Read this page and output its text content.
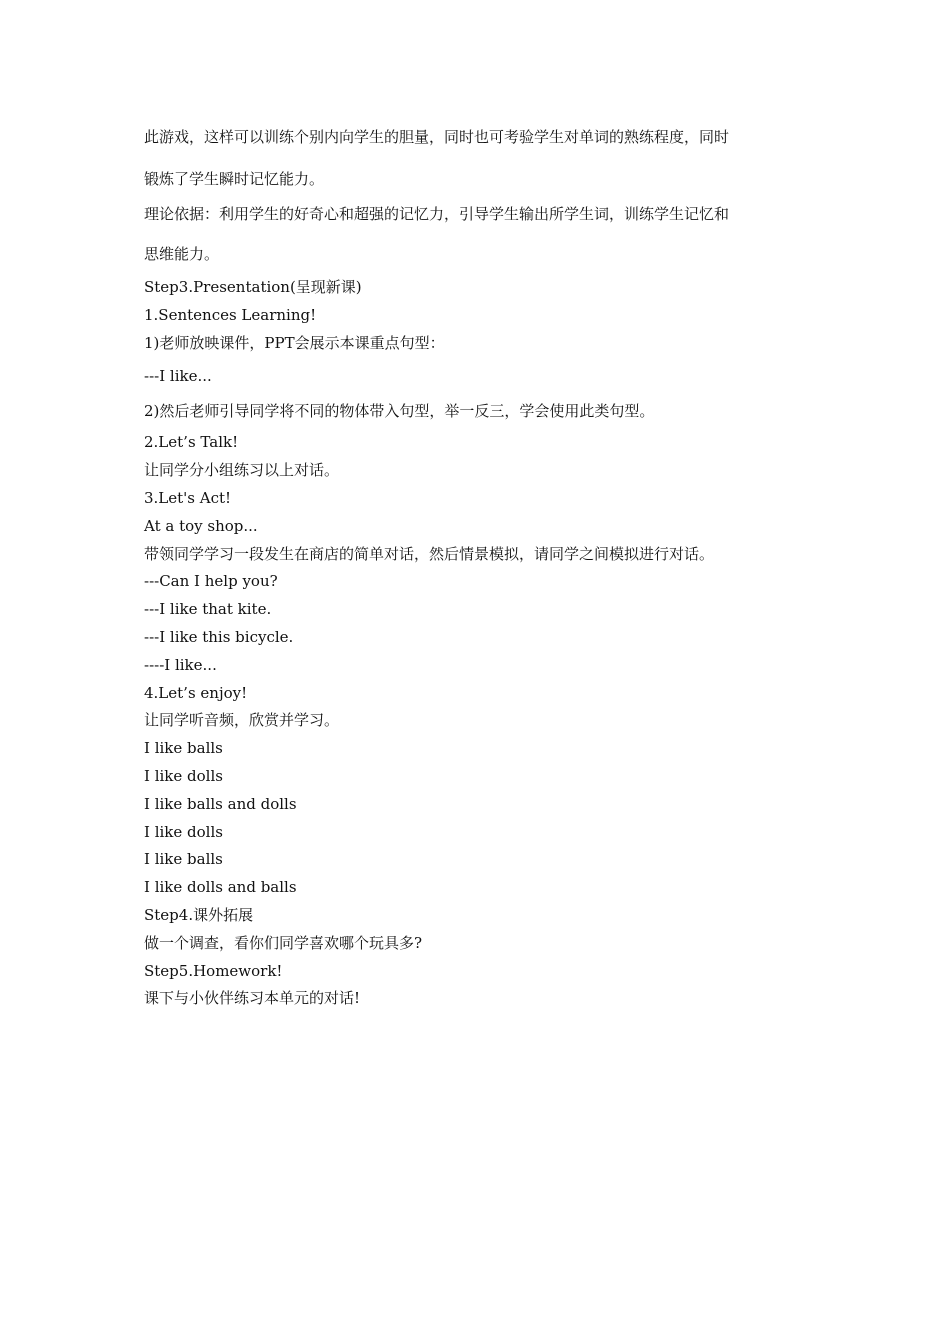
此游戏，这样可以训练个别内向学生的胆量，同时也可考验学生对单词的熟练程度，同时
锻炼了学生瞬时记忆能力。
理论依据：利用学生的好奇心和超强的记忆力，引导学生输出所学生词，训练学生记忆和
思维能力。
Step3.Presentation(呈现新课)
1.Sentences Learning!
1)老师放映课件，PPT会展示本课重点句型：
---I like...
2)然后老师引导同学将不同的物体带入句型，举一反三，学会使用此类句型。
2.Let’s Talk!
让同学分小组练习以上对话。
3.Let's Act!
At a toy shop...
带领同学学习一段发生在商店的简单对话，然后情景模拟，请同学之间模拟进行对话。
---Can I help you?
---I like that kite.
---I like this bicycle.
----I like...
4.Let’s enjoy!
让同学听音频，欣赏并学习。
I like balls
I like dolls
I like balls and dolls
I like dolls
I like balls
I like dolls and balls
Step4.课外拓展
做一个调查，看你们同学喜欢哪个玩具多?
Step5.Homework!
课下与小伙伴练习本单元的对话!
